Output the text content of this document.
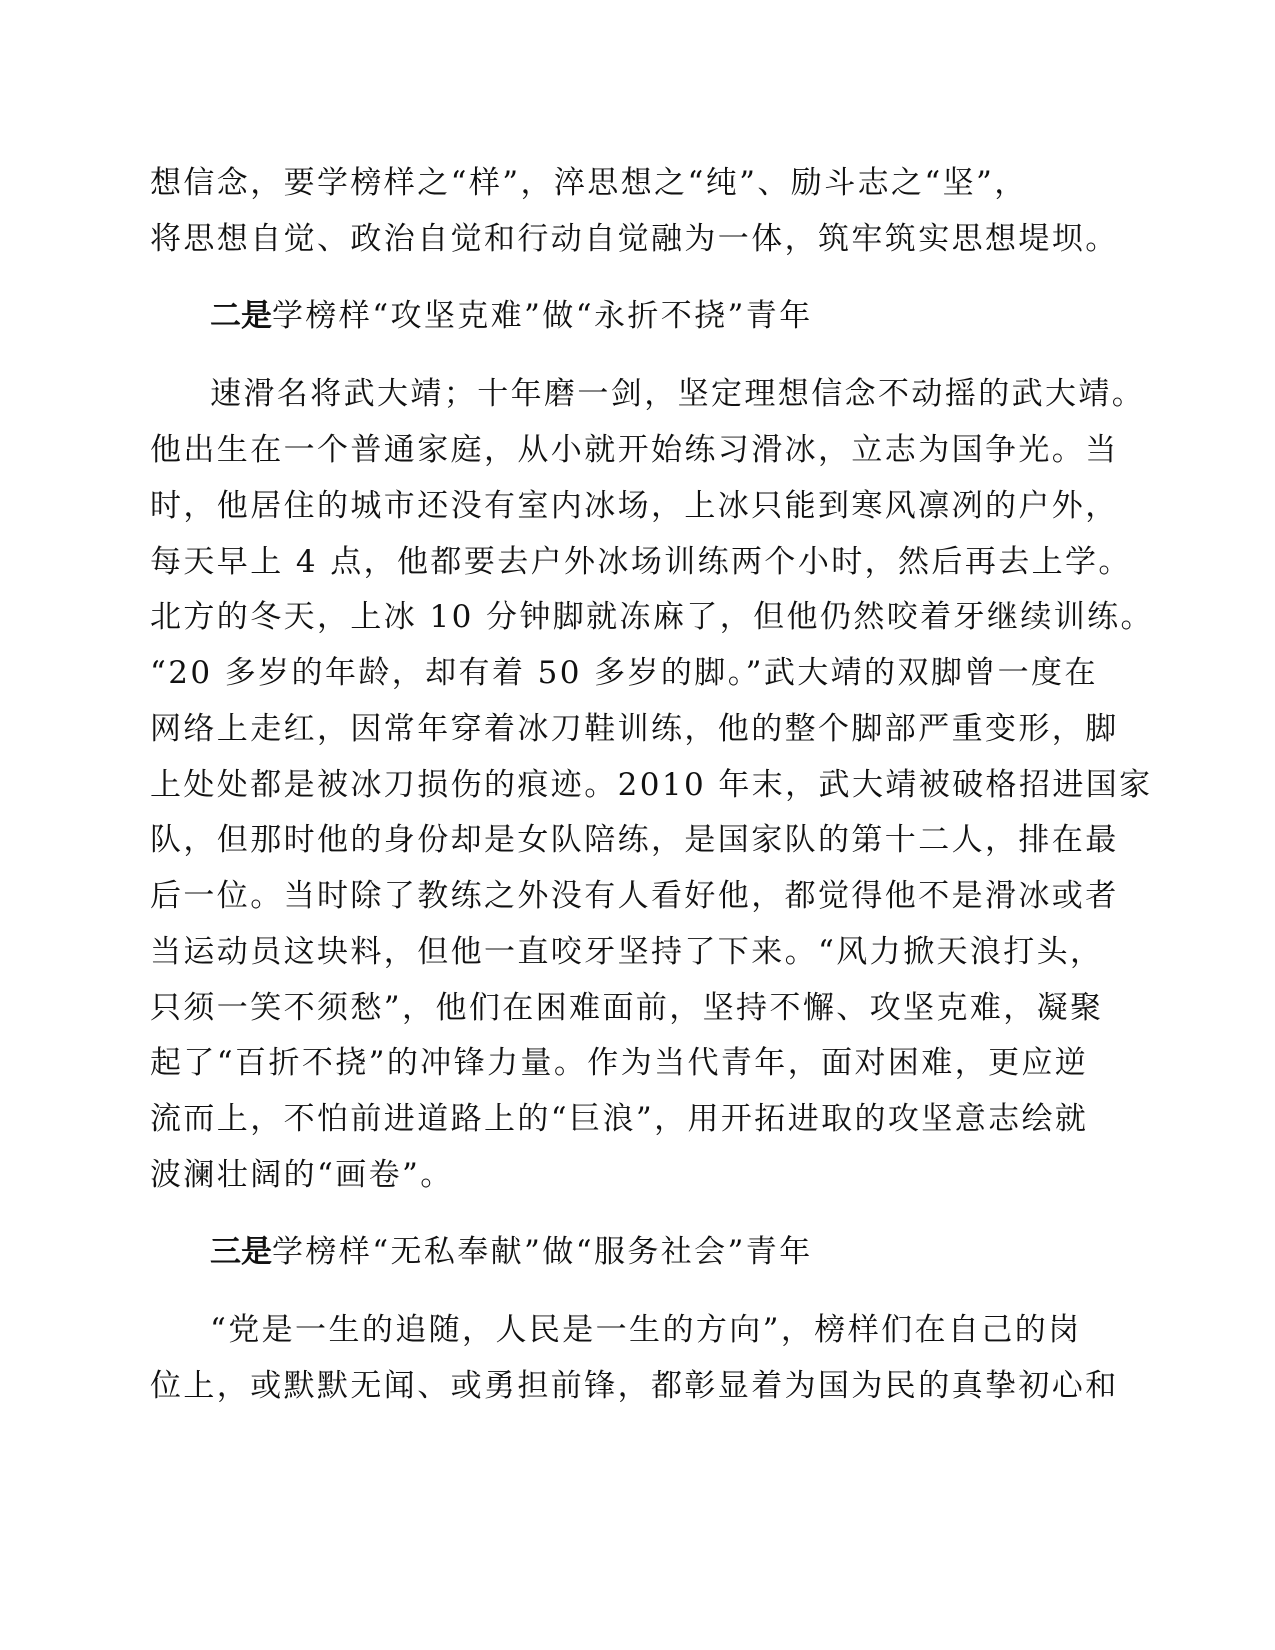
想信念，要学榜样之“样”，淬思想之“纯”、励斗志之“坚”，
将思想自觉、政治自觉和行动自觉融为一体，筑牢筑实思想堤坝。
二是学榜样“攻坚克难”做“永折不挠”青年
速滑名将武大靖；十年磨一剑，坚定理想信念不动摇的武大靖。
他出生在一个普通家庭，从小就开始练习滑冰，立志为国争光。当
时，他居住的城市还没有室内冰场，上冰只能到寒风凛冽的户外，
每天早上 4 点，他都要去户外冰场训练两个小时，然后再去上学。
北方的冬天，上冰 10 分钟脚就冻麻了，但他仍然咬着牙继续训练。
“20 多岁的年龄，却有着 50 多岁的脚。”武大靖的双脚曾一度在
网络上走红，因常年穿着冰刀鞋训练，他的整个脚部严重变形，脚
上处处都是被冰刀损伤的痕迹。2010 年末，武大靖被破格招进国家
队，但那时他的身份却是女队陪练，是国家队的第十二人，排在最
后一位。当时除了教练之外没有人看好他，都觉得他不是滑冰或者
当运动员这块料，但他一直咬牙坚持了下来。“风力掀天浪打头，
只须一笑不须愁”，他们在困难面前，坚持不懈、攻坚克难，凝聚
起了“百折不挠”的冲锋力量。作为当代青年，面对困难，更应逆
流而上，不怕前进道路上的“巨浪”，用开拓进取的攻坚意志绘就
波澜壮阔的“画卷”。
三是学榜样“无私奉献”做“服务社会”青年
“党是一生的追随，人民是一生的方向”，榜样们在自己的岗
位上，或默默无闻、或勇担前锋，都彰显着为国为民的真挚初心和
